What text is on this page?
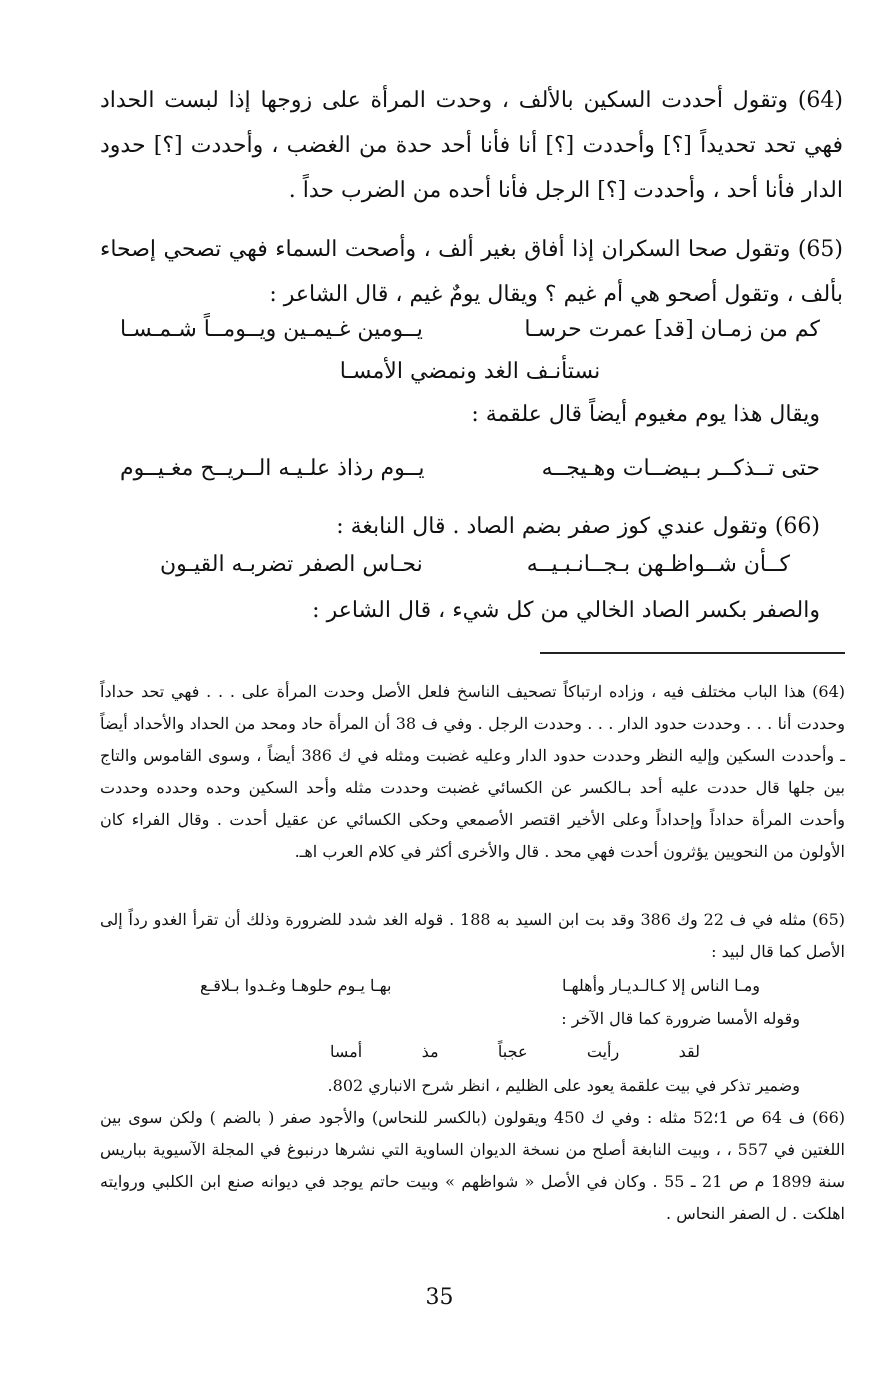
(64) وتقول أحددت السكين بالألف ، وحدت المرأة على زوجها إذا لبست الحداد فهي تحد تحديداً [؟] وأحددت [؟] أنا فأنا أحد حدة من الغضب ، وأحددت [؟] حدود الدار فأنا أحد ، وأحددت [؟] الرجل فأنا أحده من الضرب حداً .

(65) وتقول صحا السكران إذا أفاق بغير ألف ، وأصحت السماء فهي تصحي إصحاء بألف ، وتقول أصحو هي أم غيم ؟ ويقال يومٌ غيم ، قال الشاعر :

كم من زمـان [قد] عمرت حرسـا
يــومين غـيمـين ويــومــاً شـمـسـا
نستأنـف الغد ونمضي الأمسـا

ويقال هذا يوم مغيوم أيضاً قال علقمة :

حتى تــذكــر بـيضــات وهـيجــه
يــوم رذاذ علـيـه الــريــح مغـيــوم

(66) وتقول عندي كوز صفر بضم الصاد . قال النابغة :

كــأن شــواظـهن بـجــانـبـيــه
نحـاس الصفر تضربـه القيـون

والصفر بكسر الصاد الخالي من كل شيء ، قال الشاعر :

(64) هذا الباب مختلف فيه ، وزاده ارتباكاً تصحيف الناسخ فلعل الأصل وحدت المرأة على . . . فهي تحد حداداً وحددت أنا . . . وحددت حدود الدار . . . وحددت الرجل . وفي ف 38 أن المرأة حاد ومحد من الحداد والأحداد أيضاً ـ وأحددت السكين وإليه النظر وحددت حدود الدار وعليه غضبت ومثله في ك 386 أيضاً ، وسوى القاموس والتاج بين جلها قال حددت عليه أحد بـالكسر عن الكسائي غضبت وحددت مثله وأحد السكين وحده وحدده وحددت وأحدت المرأة حداداً وإحداداً وعلى الأخير اقتصر الأصمعي وحكى الكسائي عن عقيل أحدت . وقال الفراء كان الأولون من النحويين يؤثرون أحدت فهي محد . قال والأخرى أكثر في كلام العرب اهـ.

(65) مثله في ف 22 وك 386 وقد بت ابن السيد به 188 . قوله الغد شدد للضرورة وذلك أن تقرأ الغدو رداً إلى الأصل كما قال لبيد :

ومـا الناس إلا كـالـديـار وأهلهـا
بهـا يـوم حلوهـا وغـدوا بـلاقـع

وقوله الأمسا ضرورة كما قال الآخر :

لقد
رأيت
عجباً
مذ
أمسا

وضمير تذكر في بيت علقمة يعود على الظليم ، انظر شرح الانباري 802.

(66) ف 64 ص 1؛52 مثله : وفي ك 450 ويقولون (بالكسر للنحاس) والأجود صفر ( بالضم ) ولكن سوى بين اللغتين في 557 ، ، وبيت النابغة أصلح من نسخة الديوان الساوية التي نشرها درنبوغ في المجلة الآسيوية بباريس سنة 1899 م ص 21 ـ 55 . وكان في الأصل « شواظهم » وبيت حاتم يوجد في ديوانه صنع ابن الكلبي وروايته اهلكت . ل الصفر النحاس .

35
